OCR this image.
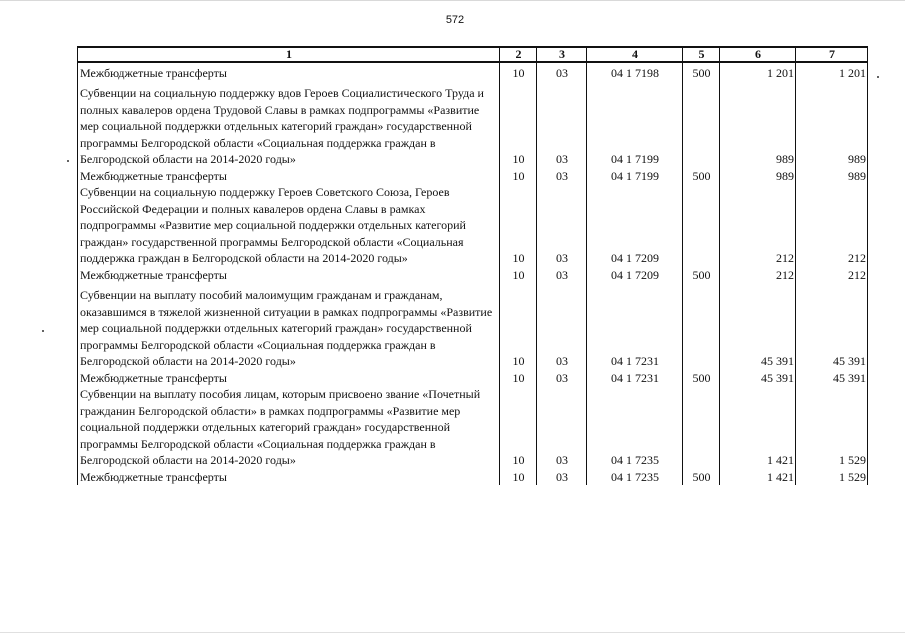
572
1	2	3	4	5	6	7
Межбюджетные трансферты	10	03	04 1 7198	500	1 201	1 201

Субвенции на социальную поддержку вдов Героев Социалистического Труда и полных кавалеров ордена Трудовой Славы в рамках подпрограммы «Развитие мер социальной поддержки отдельных категорий граждан» государственной программы Белгородской области «Социальная поддержка граждан в Белгородской области на 2014-2020 годы»	10	03	04 1 7199		989	989
Межбюджетные трансферты	10	03	04 1 7199	500	989	989
Субвенции на социальную поддержку Героев Советского Союза, Героев Российской Федерации и полных кавалеров ордена Славы в рамках подпрограммы «Развитие мер социальной поддержки отдельных категорий граждан» государственной программы Белгородской области «Социальная поддержка граждан в Белгородской области на 2014-2020 годы»	10	03	04 1 7209		212	212
Межбюджетные трансферты	10	03	04 1 7209	500	212	212

Субвенции на выплату пособий малоимущим гражданам и гражданам, оказавшимся в тяжелой жизненной ситуации в рамках подпрограммы «Развитие мер социальной поддержки отдельных категорий граждан» государственной программы Белгородской области «Социальная поддержка граждан в Белгородской области на 2014-2020 годы»	10	03	04 1 7231		45 391	45 391
Межбюджетные трансферты	10	03	04 1 7231	500	45 391	45 391
Субвенции на выплату пособия лицам, которым присвоено звание «Почетный гражданин Белгородской области» в рамках подпрограммы «Развитие мер социальной поддержки отдельных категорий граждан» государственной программы Белгородской области «Социальная поддержка граждан в Белгородской области на 2014-2020 годы»	10	03	04 1 7235		1 421	1 529
Межбюджетные трансферты	10	03	04 1 7235	500	1 421	1 529
